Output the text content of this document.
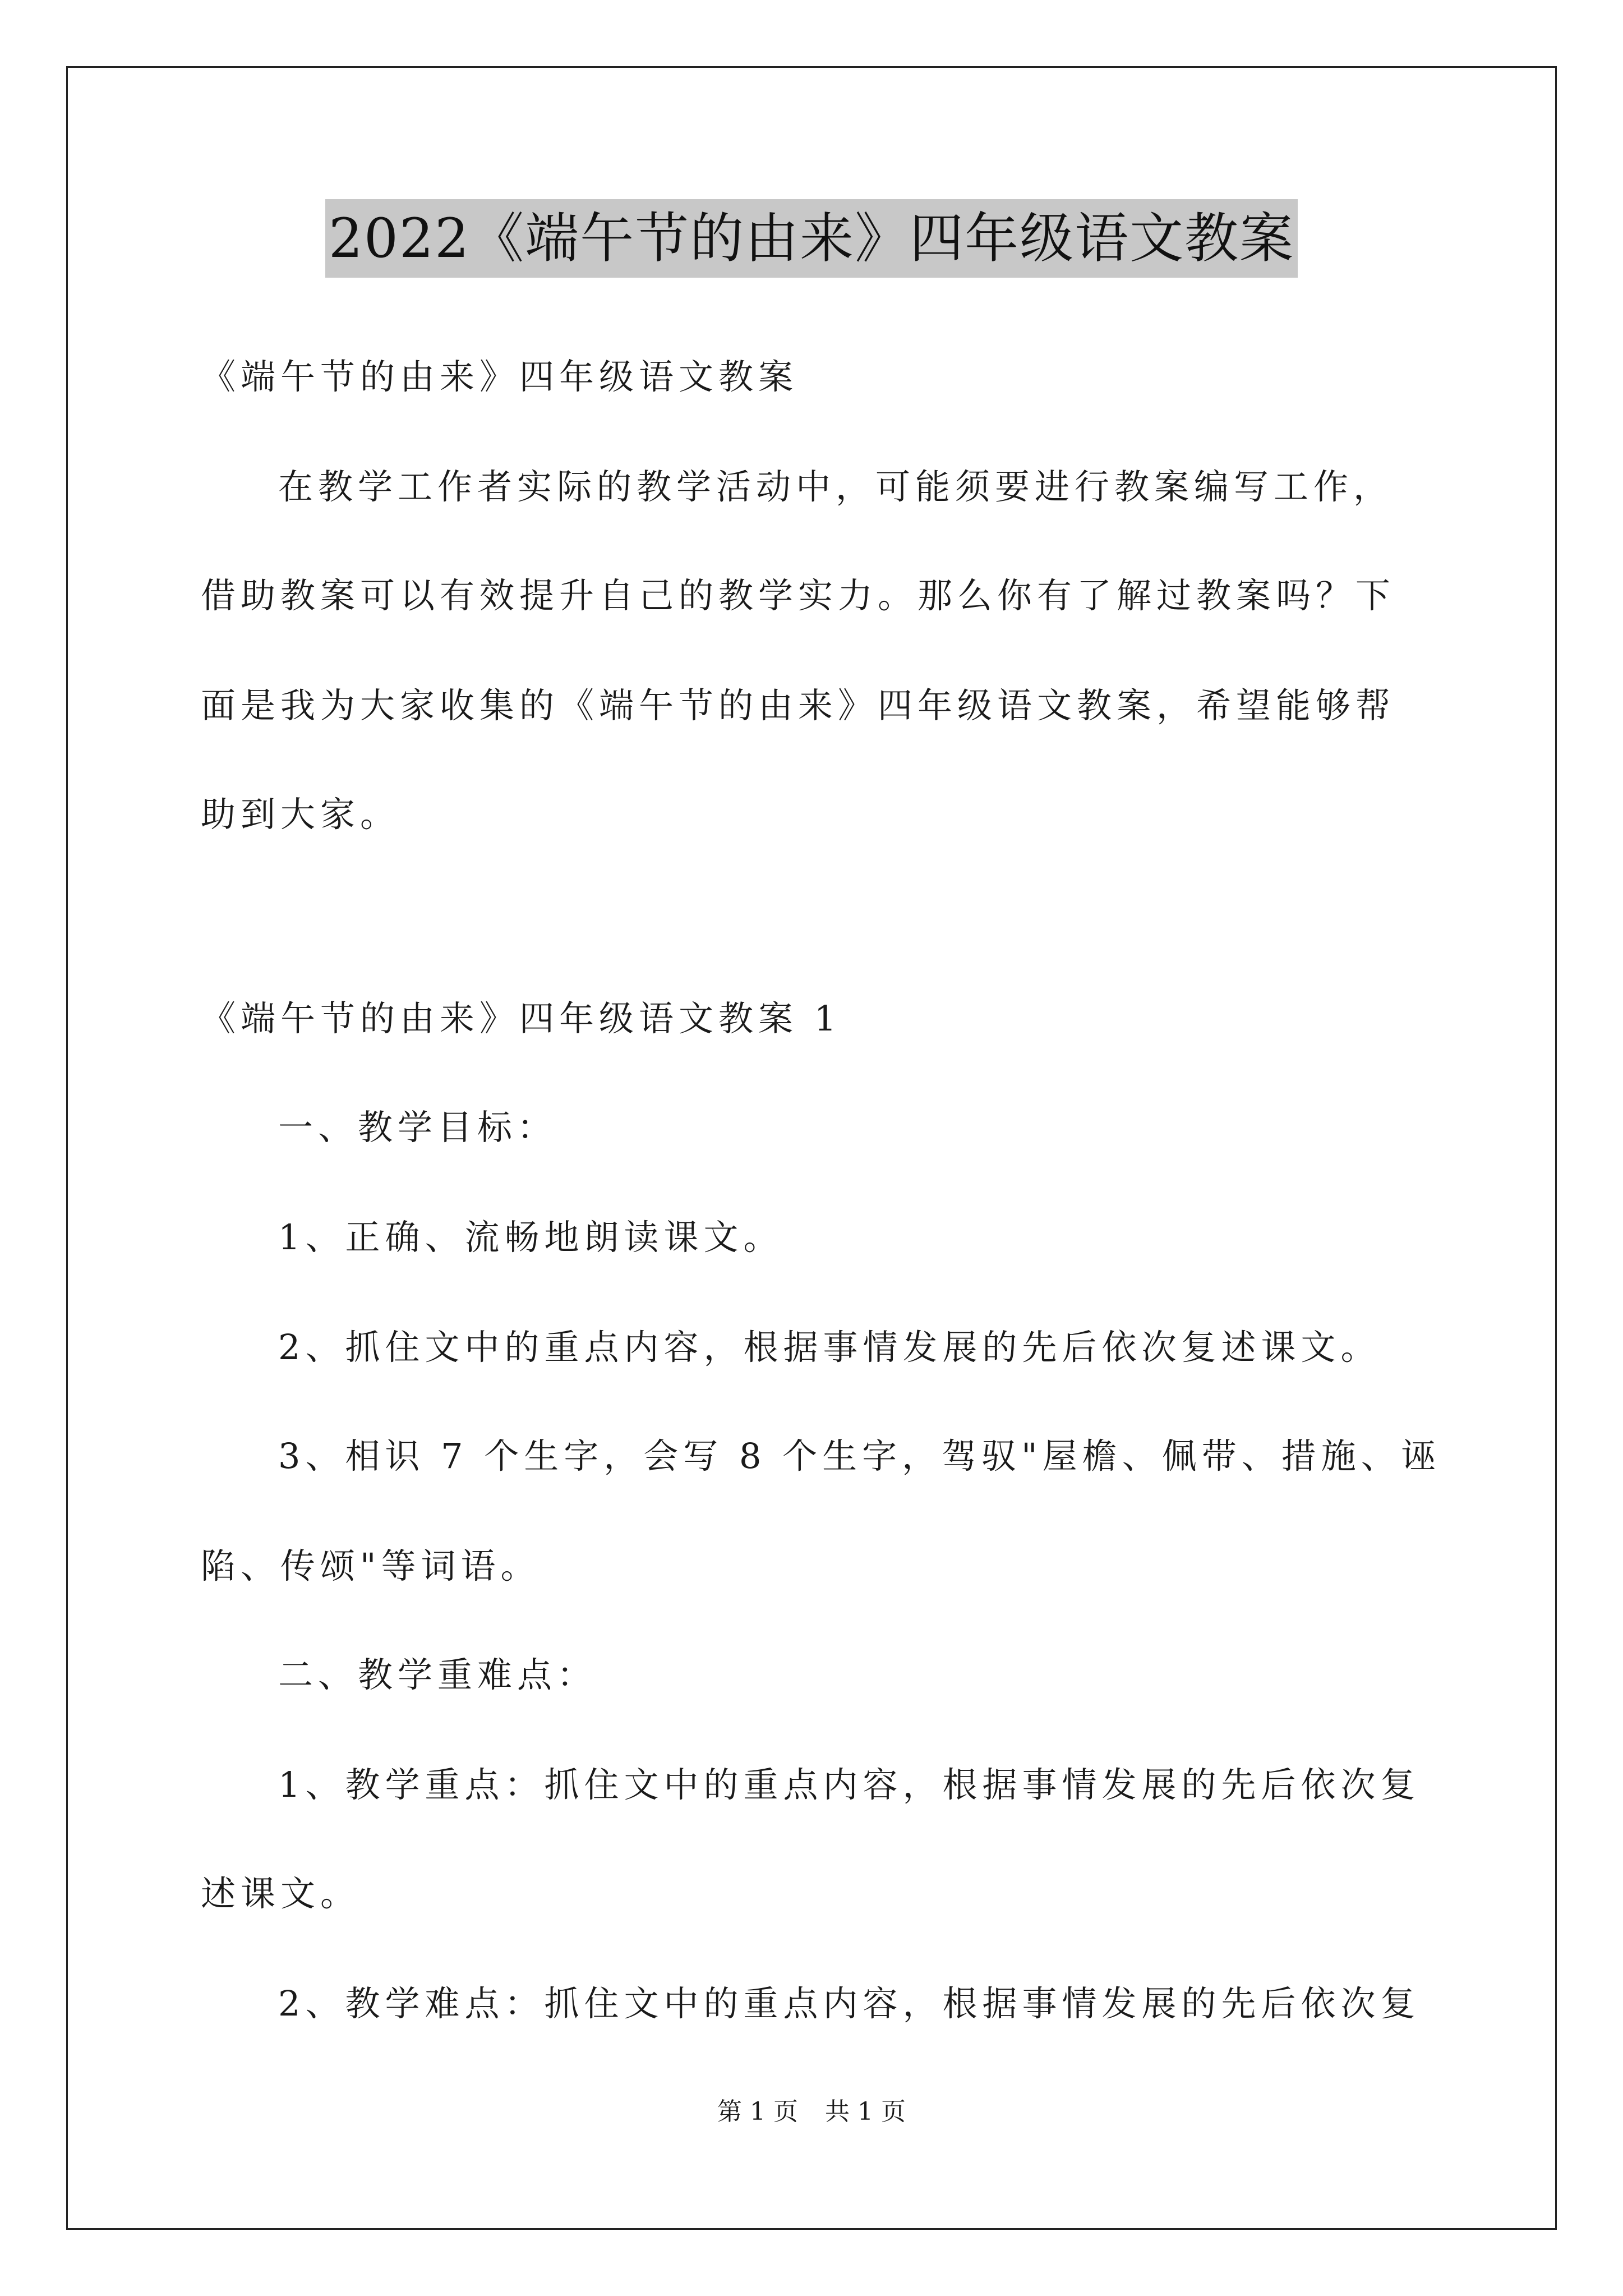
2022《端午节的由来》四年级语文教案
《端午节的由来》四年级语文教案
在教学工作者实际的教学活动中，可能须要进行教案编写工作，
借助教案可以有效提升自己的教学实力。那么你有了解过教案吗？下
面是我为大家收集的《端午节的由来》四年级语文教案，希望能够帮
助到大家。
《端午节的由来》四年级语文教案 1
一、教学目标：
1、正确、流畅地朗读课文。
2、抓住文中的重点内容，根据事情发展的先后依次复述课文。
3、相识 7 个生字，会写 8 个生字，驾驭"屋檐、佩带、措施、诬
陷、传颂"等词语。
二、教学重难点：
1、教学重点：抓住文中的重点内容，根据事情发展的先后依次复
述课文。
2、教学难点：抓住文中的重点内容，根据事情发展的先后依次复
第 1 页 共 1 页
